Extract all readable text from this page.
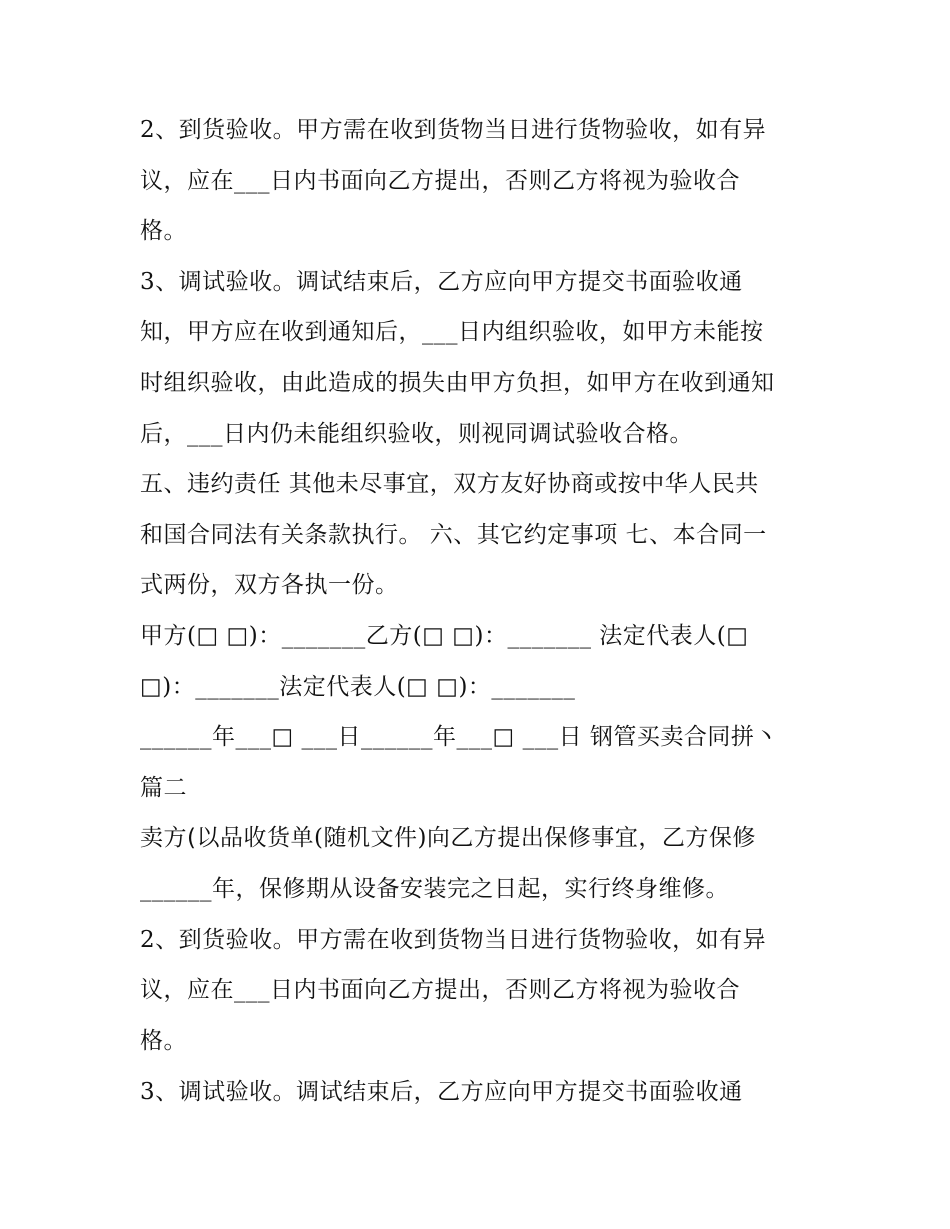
2、到货验收。甲方需在收到货物当日进行货物验收，如有异
议，应在___日内书面向乙方提出，否则乙方将视为验收合
格。
3、调试验收。调试结束后，乙方应向甲方提交书面验收通
知，甲方应在收到通知后，___日内组织验收，如甲方未能按
时组织验收，由此造成的损失由甲方负担，如甲方在收到通知
后，___日内仍未能组织验收，则视同调试验收合格。
五、违约责任 其他未尽事宜，双方友好协商或按中华人民共
和国合同法有关条款执行。 六、其它约定事项 七、本合同一
式两份，双方各执一份。
甲方(□ □)：_______乙方(□ □)：_______ 法定代表人(□
□)：_______法定代表人(□ □)：_______
______年___□ ___日______年___□ ___日 钢管买卖合同拼丶
篇二
卖方(以品收货单(随机文件)向乙方提出保修事宜，乙方保修
______年，保修期从设备安装完之日起，实行终身维修。
2、到货验收。甲方需在收到货物当日进行货物验收，如有异
议，应在___日内书面向乙方提出，否则乙方将视为验收合
格。
3、调试验收。调试结束后，乙方应向甲方提交书面验收通
